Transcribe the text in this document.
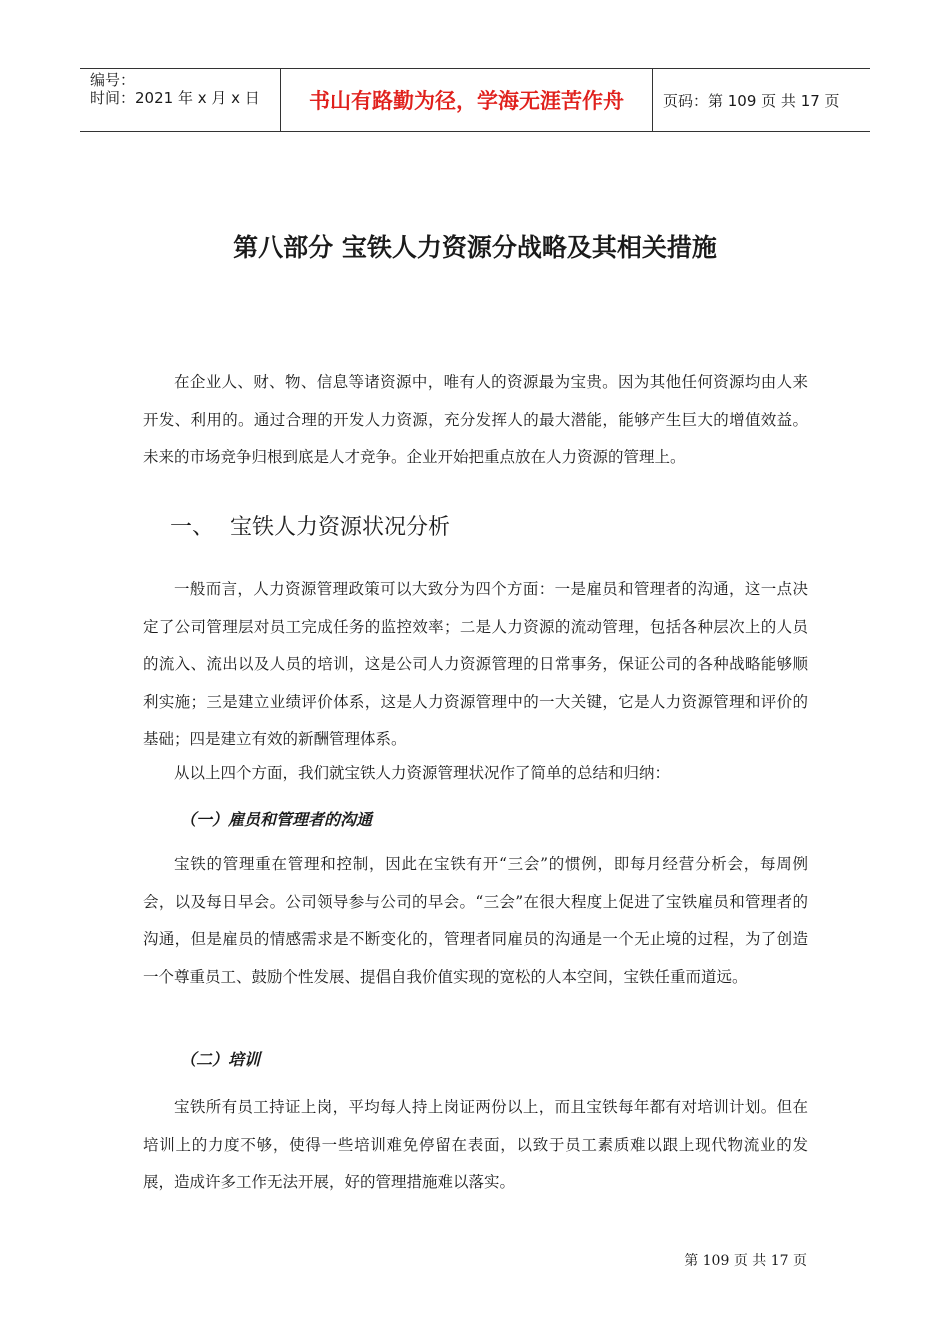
编号：
时间：2021 年 x 月 x 日	书山有路勤为径，学海无涯苦作舟	页码：第 109 页 共 17 页
第八部分 宝铁人力资源分战略及其相关措施

在企业人、财、物、信息等诸资源中，唯有人的资源最为宝贵。因为其他任何资源均由人来开发、利用的。通过合理的开发人力资源，充分发挥人的最大潜能，能够产生巨大的增值效益。未来的市场竞争归根到底是人才竞争。企业开始把重点放在人力资源的管理上。

一、 宝铁人力资源状况分析

一般而言，人力资源管理政策可以大致分为四个方面：一是雇员和管理者的沟通，这一点决定了公司管理层对员工完成任务的监控效率；二是人力资源的流动管理，包括各种层次上的人员的流入、流出以及人员的培训，这是公司人力资源管理的日常事务，保证公司的各种战略能够顺利实施；三是建立业绩评价体系，这是人力资源管理中的一大关键，它是人力资源管理和评价的基础；四是建立有效的新酬管理体系。

从以上四个方面，我们就宝铁人力资源管理状况作了简单的总结和归纳：

（一）雇员和管理者的沟通

宝铁的管理重在管理和控制，因此在宝铁有开“三会”的惯例，即每月经营分析会，每周例会，以及每日早会。公司领导参与公司的早会。“三会”在很大程度上促进了宝铁雇员和管理者的沟通，但是雇员的情感需求是不断变化的，管理者同雇员的沟通是一个无止境的过程，为了创造一个尊重员工、鼓励个性发展、提倡自我价值实现的宽松的人本空间，宝铁任重而道远。

（二）培训

宝铁所有员工持证上岗，平均每人持上岗证两份以上，而且宝铁每年都有对培训计划。但在培训上的力度不够，使得一些培训难免停留在表面，以致于员工素质难以跟上现代物流业的发展，造成许多工作无法开展，好的管理措施难以落实。

第 109 页 共 17 页
